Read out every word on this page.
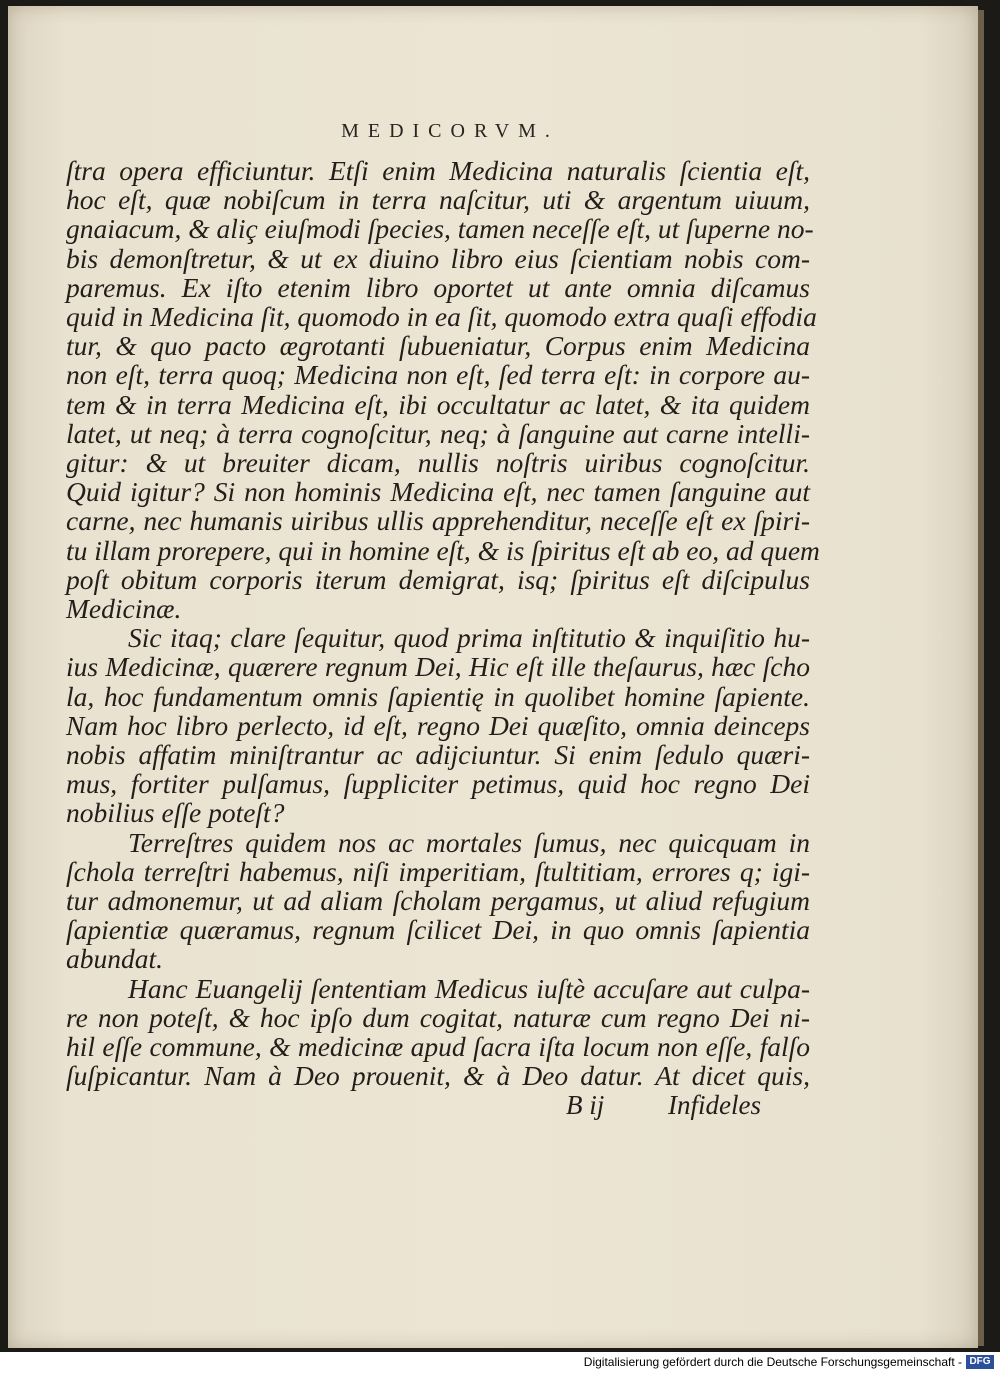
MEDICORVM.
ſtra opera efficiuntur. Etſi enim Medicina naturalis ſcientia eſt,
hoc eſt, quæ nobiſcum in terra naſcitur, uti & argentum uiuum,
gnaiacum, & aliç eiuſmodi ſpecies, tamen neceſſe eſt, ut ſuperne no-
bis demonſtretur, & ut ex diuino libro eius ſcientiam nobis com-
paremus. Ex iſto etenim libro oportet ut ante omnia diſcamus
quid in Medicina ſit, quomodo in ea ſit, quomodo extra quaſi effodia
tur, & quo pacto ægrotanti ſubueniatur, Corpus enim Medicina
non eſt, terra quoq; Medicina non eſt, ſed terra eſt: in corpore au-
tem & in terra Medicina eſt, ibi occultatur ac latet, & ita quidem
latet, ut neq; à terra cognoſcitur, neq; à ſanguine aut carne intelli-
gitur: & ut breuiter dicam, nullis noſtris uiribus cognoſcitur.
Quid igitur? Si non hominis Medicina eſt, nec tamen ſanguine aut
carne, nec humanis uiribus ullis apprehenditur, neceſſe eſt ex ſpiri-
tu illam prorepere, qui in homine eſt, & is ſpiritus eſt ab eo, ad quem
poſt obitum corporis iterum demigrat, isq; ſpiritus eſt diſcipulus
Medicinæ.
Sic itaq; clare ſequitur, quod prima inſtitutio & inquiſitio hu-
ius Medicinæ, quærere regnum Dei, Hic eſt ille theſaurus, hæc ſcho
la, hoc fundamentum omnis ſapientię in quolibet homine ſapiente.
Nam hoc libro perlecto, id eſt, regno Dei quæſito, omnia deinceps
nobis affatim miniſtrantur ac adijciuntur. Si enim ſedulo quæri-
mus, fortiter pulſamus, ſuppliciter petimus, quid hoc regno Dei
nobilius eſſe poteſt?
Terreſtres quidem nos ac mortales ſumus, nec quicquam in
ſchola terreſtri habemus, niſi imperitiam, ſtultitiam, errores q; igi-
tur admonemur, ut ad aliam ſcholam pergamus, ut aliud refugium
ſapientiæ quæramus, regnum ſcilicet Dei, in quo omnis ſapientia
abundat.
Hanc Euangelij ſententiam Medicus iuſtè accuſare aut culpa-
re non poteſt, & hoc ipſo dum cogitat, naturæ cum regno Dei ni-
hil eſſe commune, & medicinæ apud ſacra iſta locum non eſſe, falſo
ſuſpicantur. Nam à Deo prouenit, & à Deo datur. At dicet quis,
B ij Infideles
Digitalisierung gefördert durch die Deutsche Forschungsgemeinschaft - DFG
